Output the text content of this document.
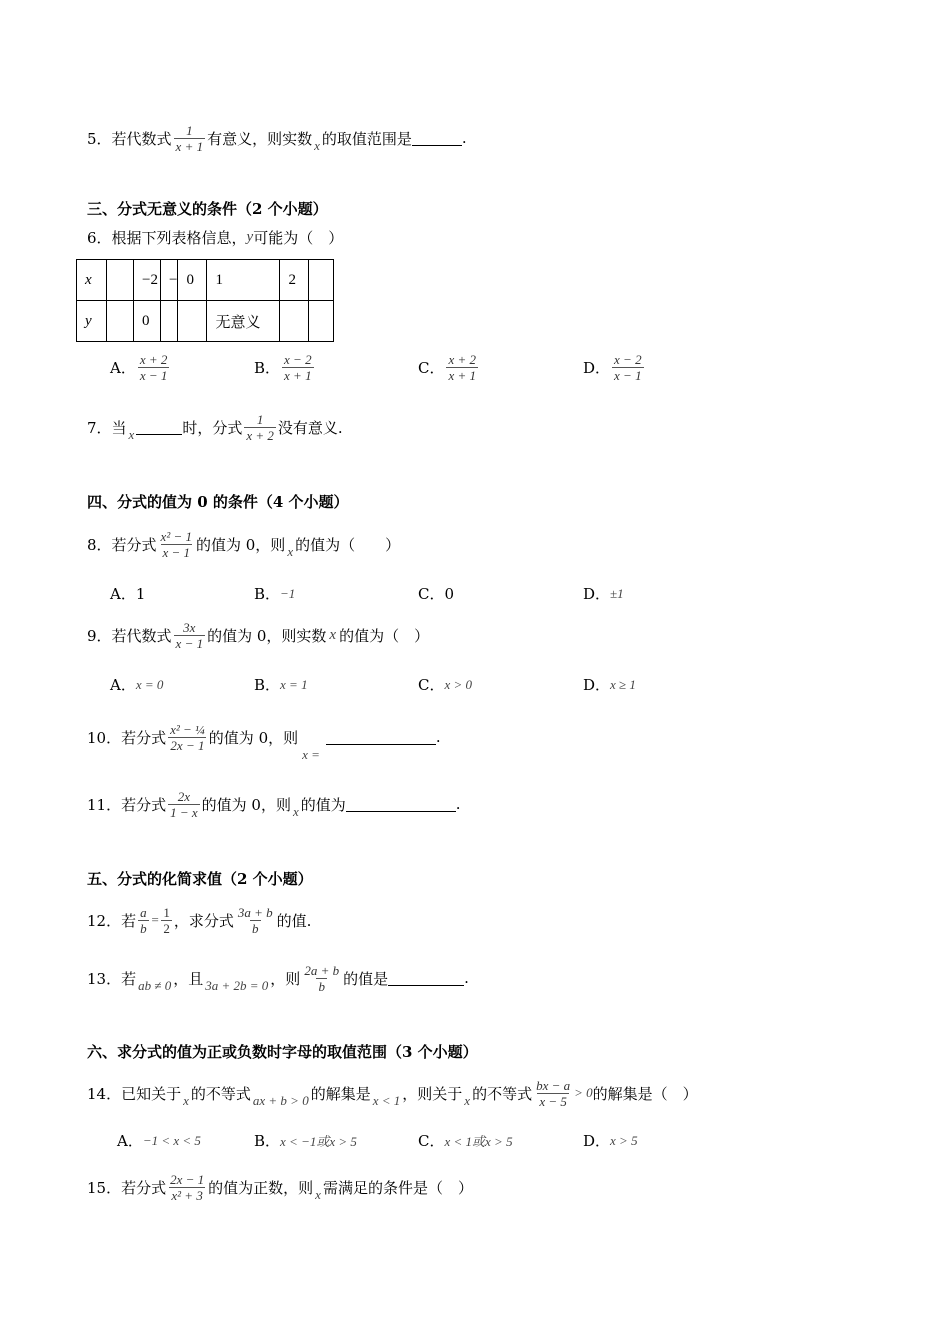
5．若代数式 $\frac{1}{x + 1}$ 有意义，则实数 x 的取值范围是	.
三、分式无意义的条件（2 个小题）
6．根据下列表格信息， y 可能为（　）
x		−2	−	0	1	2	
y		0			无意义		
A． $\frac{x + 2}{x - 1}$	B． $\frac{x - 2}{x + 1}$	C． $\frac{x + 2}{x + 1}$	D． $\frac{x - 2}{x - 1}$
7．当 x	时，分式 $\frac{1}{x + 2}$ 没有意义.
四、分式的值为 0 的条件（4 个小题）
8．若分式 $\frac{\text{x² − 1}}{x - 1}$ 的值为 0，则 x 的值为（　　）
A． 1	B． −1	C． 0	D． ±1
9．若代数式 $\frac{3x}{x - 1}$ 的值为 0，则实数 x 的值为（　）
A． x = 0	B． x = 1	C． x > 0	D． x ≥ 1
10．若分式 $\frac{\text{x² − ¼}}{2x - 1}$ 的值为 0，则
x =
.
11．若分式 $\frac{2x}{1 - x}$ 的值为 0，则 x 的值为	.
五、分式的化简求值（2 个小题）
12．若 $\frac{a}{b} = \frac{1}{2}$ ，求分式 $\frac{3a + b}{b}$ 的值.
13．若 ab ≠ 0 ，且 3a + 2b = 0 ，则 $\frac{2a + b}{b}$ 的值是	.
六、求分式的值为正或负数时字母的取值范围（3 个小题）
14．已知关于 x 的不等式 ax + b > 0 的解集是 x < 1 ，则关于 x 的不等式 $\frac{bx - a}{x - 5} > 0$ 的解集是（　）
A． −1 < x < 5	B． x < −1或x > 5	C． x < 1或x > 5	D． x > 5
15．若分式 $\frac{2x - 1}{\text{x² + 3}}$ 的值为正数，则 x 需满足的条件是（　）
